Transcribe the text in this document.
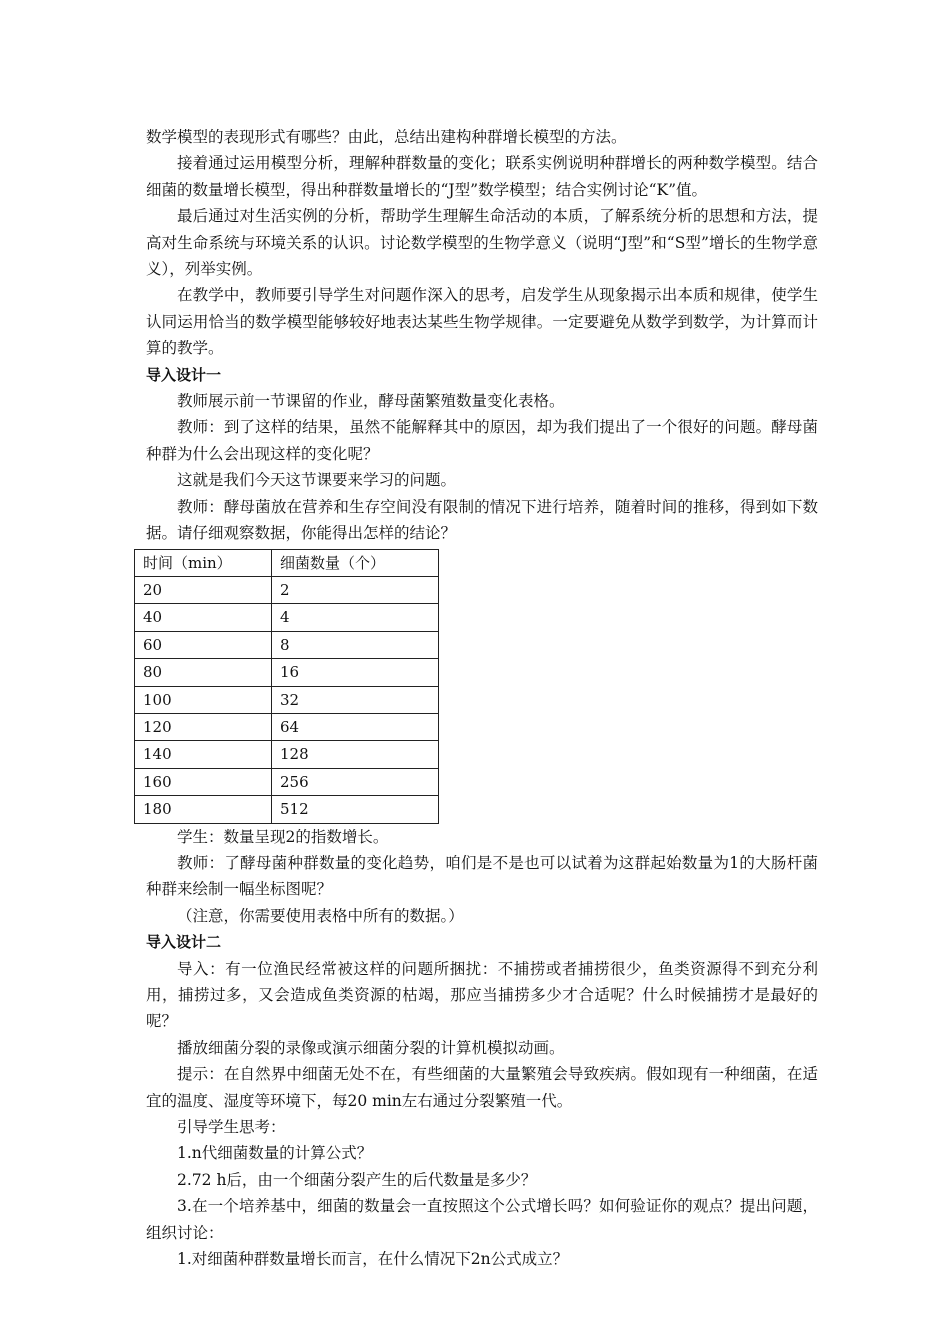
数学模型的表现形式有哪些？由此，总结出建构种群增长模型的方法。

接着通过运用模型分析，理解种群数量的变化；联系实例说明种群增长的两种数学模型。结合细菌的数量增长模型，得出种群数量增长的“J型”数学模型；结合实例讨论“K”值。

最后通过对生活实例的分析，帮助学生理解生命活动的本质，了解系统分析的思想和方法，提高对生命系统与环境关系的认识。讨论数学模型的生物学意义（说明“J型”和“S型”增长的生物学意义），列举实例。

在教学中，教师要引导学生对问题作深入的思考，启发学生从现象揭示出本质和规律，使学生认同运用恰当的数学模型能够较好地表达某些生物学规律。一定要避免从数学到数学，为计算而计算的教学。

导入设计一

教师展示前一节课留的作业，酵母菌繁殖数量变化表格。

教师：到了这样的结果，虽然不能解释其中的原因，却为我们提出了一个很好的问题。酵母菌种群为什么会出现这样的变化呢？

这就是我们今天这节课要来学习的问题。

教师：酵母菌放在营养和生存空间没有限制的情况下进行培养，随着时间的推移，得到如下数据。请仔细观察数据，你能得出怎样的结论？

时间（min）	细菌数量（个）
20	2
40	4
60	8
80	16
100	32
120	64
140	128
160	256
180	512

学生：数量呈现2的指数增长。

教师：了酵母菌种群数量的变化趋势，咱们是不是也可以试着为这群起始数量为1的大肠杆菌种群来绘制一幅坐标图呢？

（注意，你需要使用表格中所有的数据。）

导入设计二

导入：有一位渔民经常被这样的问题所捆扰：不捕捞或者捕捞很少，鱼类资源得不到充分利用，捕捞过多，又会造成鱼类资源的枯竭，那应当捕捞多少才合适呢？什么时候捕捞才是最好的呢？

播放细菌分裂的录像或演示细菌分裂的计算机模拟动画。

提示：在自然界中细菌无处不在，有些细菌的大量繁殖会导致疾病。假如现有一种细菌，在适宜的温度、湿度等环境下，每20 min左右通过分裂繁殖一代。

引导学生思考：

1.n代细菌数量的计算公式？

2.72 h后，由一个细菌分裂产生的后代数量是多少？

3.在一个培养基中，细菌的数量会一直按照这个公式增长吗？如何验证你的观点？提出问题，组织讨论：

1.对细菌种群数量增长而言，在什么情况下2n公式成立？
